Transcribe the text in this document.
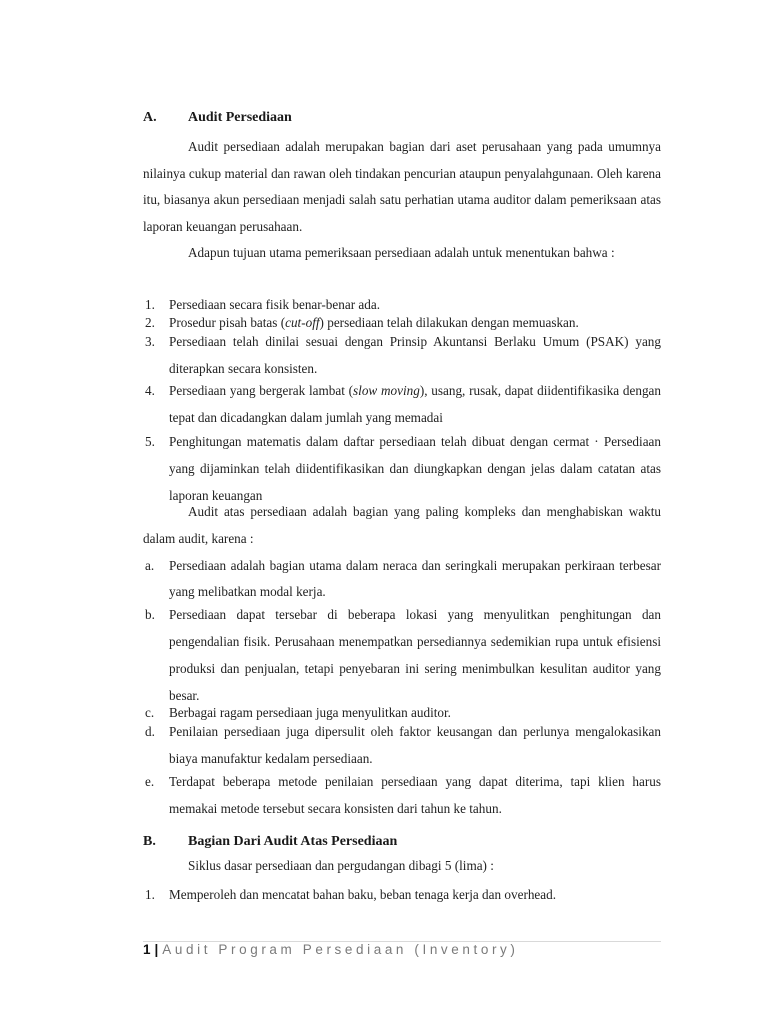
A. Audit Persediaan
Audit persediaan adalah merupakan bagian dari aset perusahaan yang pada umumnya nilainya cukup material dan rawan oleh tindakan pencurian ataupun penyalahgunaan. Oleh karena itu, biasanya akun persediaan menjadi salah satu perhatian utama auditor dalam pemeriksaan atas laporan keuangan perusahaan.
Adapun tujuan utama pemeriksaan persediaan adalah untuk menentukan bahwa :
1. Persediaan secara fisik benar-benar ada.
2. Prosedur pisah batas (cut-off) persediaan telah dilakukan dengan memuaskan.
3. Persediaan telah dinilai sesuai dengan Prinsip Akuntansi Berlaku Umum (PSAK) yang diterapkan secara konsisten.
4. Persediaan yang bergerak lambat (slow moving), usang, rusak, dapat diidentifikasika dengan tepat dan dicadangkan dalam jumlah yang memadai
5. Penghitungan matematis dalam daftar persediaan telah dibuat dengan cermat · Persediaan yang dijaminkan telah diidentifikasikan dan diungkapkan dengan jelas dalam catatan atas laporan keuangan
Audit atas persediaan adalah bagian yang paling kompleks dan menghabiskan waktu dalam audit, karena :
a. Persediaan adalah bagian utama dalam neraca dan seringkali merupakan perkiraan terbesar yang melibatkan modal kerja.
b. Persediaan dapat tersebar di beberapa lokasi yang menyulitkan penghitungan dan pengendalian fisik. Perusahaan menempatkan persediannya sedemikian rupa untuk efisiensi produksi dan penjualan, tetapi penyebaran ini sering menimbulkan kesulitan auditor yang besar.
c. Berbagai ragam persediaan juga menyulitkan auditor.
d. Penilaian persediaan juga dipersulit oleh faktor keusangan dan perlunya mengalokasikan biaya manufaktur kedalam persediaan.
e. Terdapat beberapa metode penilaian persediaan yang dapat diterima, tapi klien harus memakai metode tersebut secara konsisten dari tahun ke tahun.
B. Bagian Dari Audit Atas Persediaan
Siklus dasar persediaan dan pergudangan dibagi 5 (lima) :
1. Memperoleh dan mencatat bahan baku, beban tenaga kerja dan overhead.
1 | Audit Program Persediaan (Inventory)
